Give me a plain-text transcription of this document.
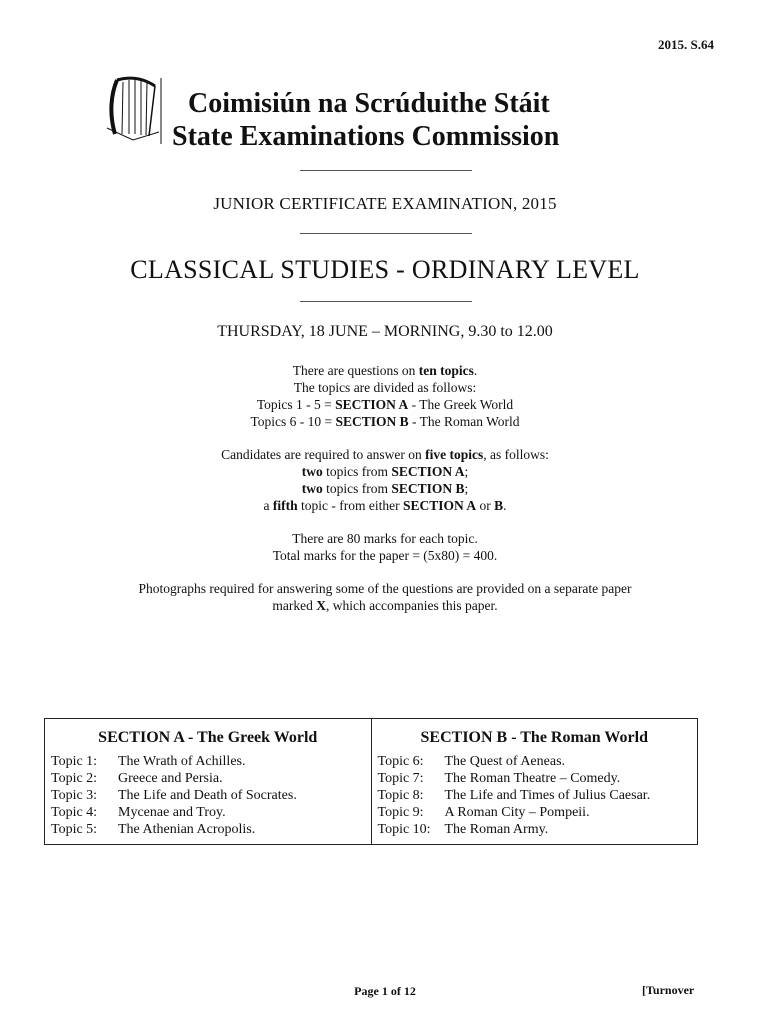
2015. S.64
Coimisiún na Scrúduithe Stáit
State Examinations Commission
JUNIOR CERTIFICATE EXAMINATION, 2015
CLASSICAL STUDIES - ORDINARY LEVEL
THURSDAY, 18 JUNE – MORNING, 9.30 to 12.00
There are questions on ten topics.
The topics are divided as follows:
Topics 1 - 5 = SECTION A - The Greek World
Topics 6 - 10 = SECTION B - The Roman World
Candidates are required to answer on five topics, as follows:
two topics from SECTION A;
two topics from SECTION B;
a fifth topic - from either SECTION A or B.
There are 80 marks for each topic.
Total marks for the paper = (5x80) = 400.
Photographs required for answering some of the questions are provided on a separate paper
marked X, which accompanies this paper.
SECTION A - The Greek World
Topic 1:	The Wrath of Achilles.
Topic 2:	Greece and Persia.
Topic 3:	The Life and Death of Socrates.
Topic 4:	Mycenae and Troy.
Topic 5:	The Athenian Acropolis.
SECTION B - The Roman World
Topic 6:	The Quest of Aeneas.
Topic 7:	The Roman Theatre – Comedy.
Topic 8:	The Life and Times of Julius Caesar.
Topic 9:	A Roman City – Pompeii.
Topic 10: The Roman Army.
Page 1 of 12	[Turnover
